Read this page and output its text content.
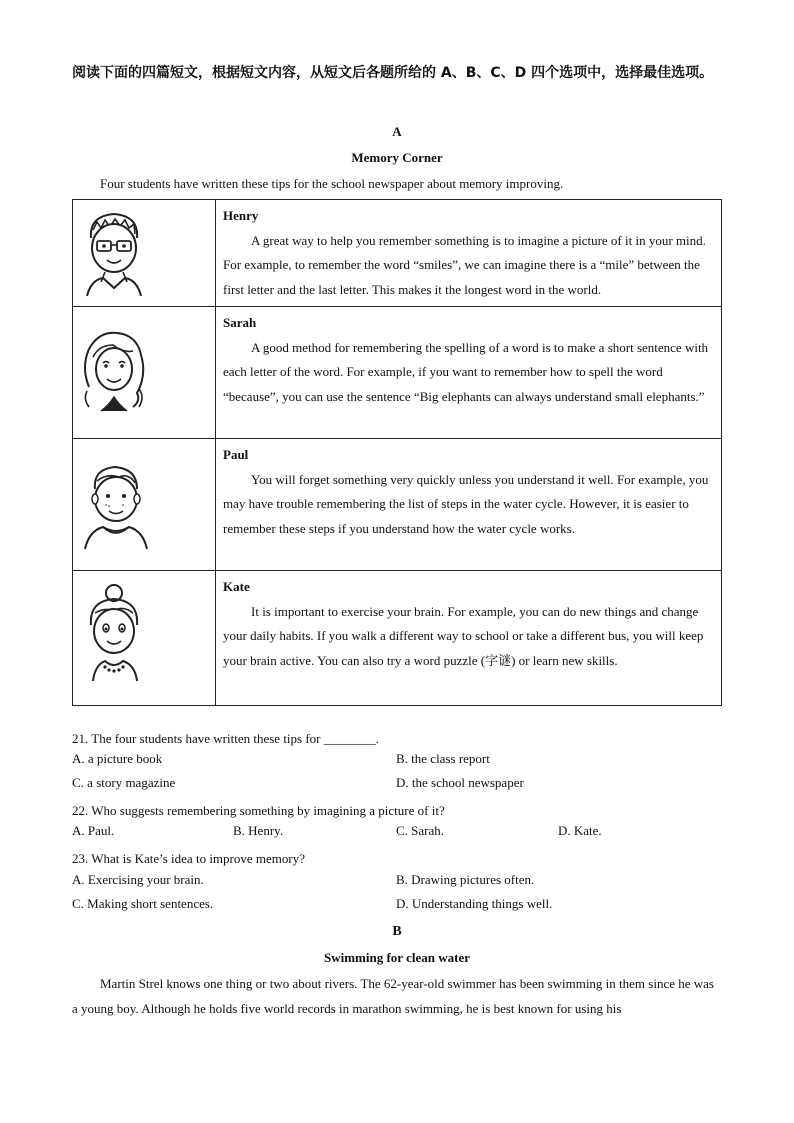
阅读下面的四篇短文，根据短文内容，从短文后各题所给的 A、B、C、D 四个选项中，选择最佳选项。
A
Memory Corner
Four students have written these tips for the school newspaper about memory improving.

Henry
A great way to help you remember something is to imagine a picture of it in your mind. For example, to remember the word “smiles”, we can imagine there is a “mile” between the first letter and the last letter. This makes it the longest word in the world.

Sarah
A good method for remembering the spelling of a word is to make a short sentence with each letter of the word. For example, if you want to remember how to spell the word “because”, you can use the sentence “Big elephants can always understand small elephants.”

Paul
You will forget something very quickly unless you understand it well. For example, you may have trouble remembering the list of steps in the water cycle. However, it is easier to remember these steps if you understand how the water cycle works.

Kate
It is important to exercise your brain. For example, you can do new things and change your daily habits. If you walk a different way to school or take a different bus, you will keep your brain active. You can also try a word puzzle (字谜) or learn new skills.
21. The four students have written these tips for ________.
A. a picture book	B. the class report
C. a story magazine	D. the school newspaper
22. Who suggests remembering something by imagining a picture of it?
A. Paul.	B. Henry.	C. Sarah.	D. Kate.
23. What is Kate’s idea to improve memory?
A. Exercising your brain.	B. Drawing pictures often.
C. Making short sentences.	D. Understanding things well.
B
Swimming for clean water
Martin Strel knows one thing or two about rivers. The 62-year-old swimmer has been swimming in them since he was a young boy. Although he holds five world records in marathon swimming, he is best known for using his
